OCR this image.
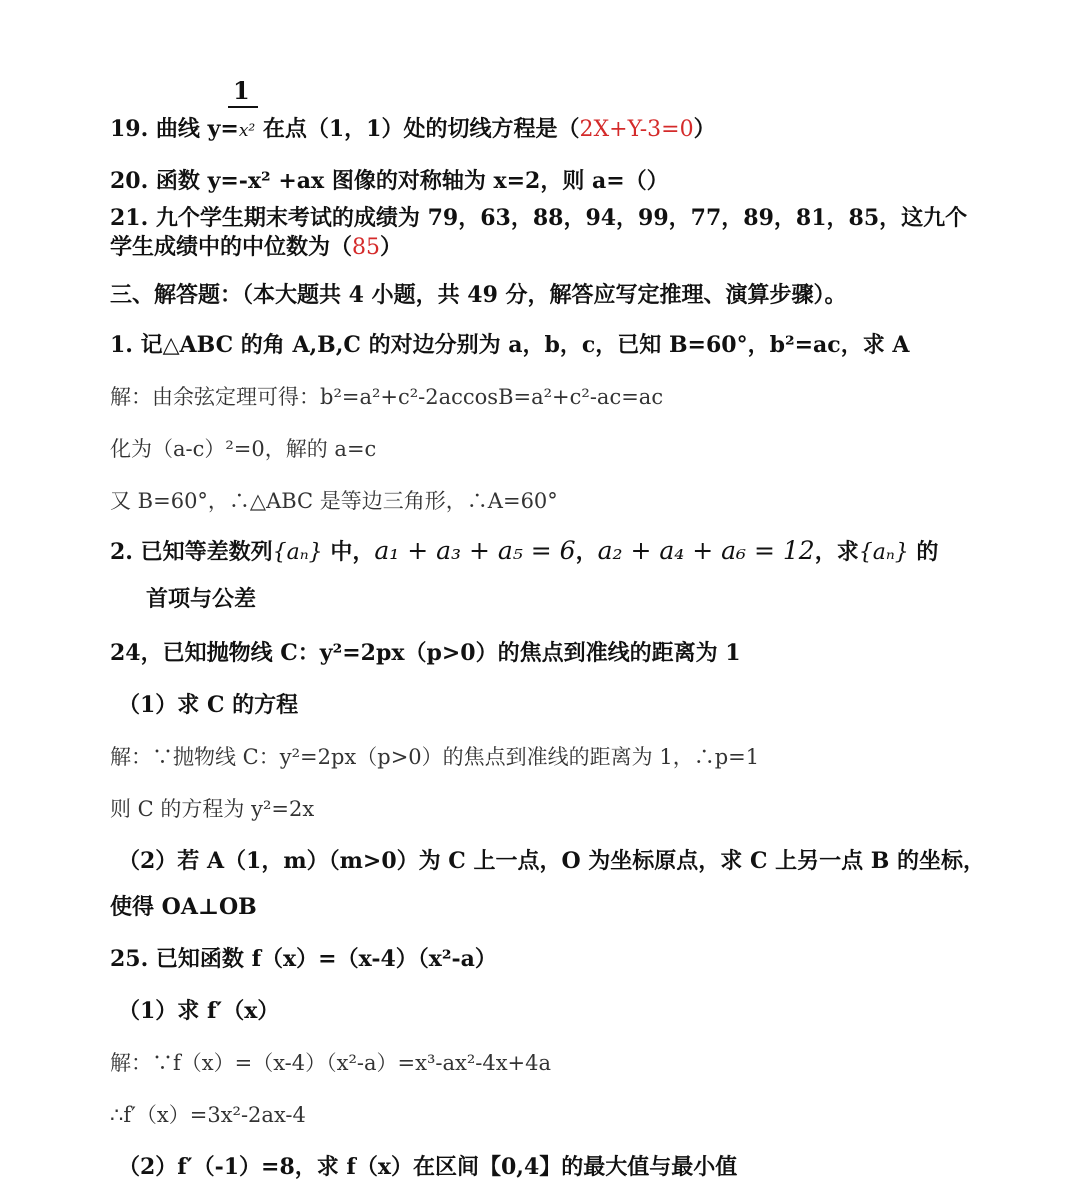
1
19. 曲线 y=x² 在点（1，1）处的切线方程是（2X+Y-3=0）
20. 函数 y=-x² +ax 图像的对称轴为 x=2，则 a=（）
21. 九个学生期末考试的成绩为 79，63，88，94，99，77，89，81，85，这九个
学生成绩中的中位数为（85）
三、解答题：（本大题共 4 小题，共 49 分，解答应写定推理、演算步骤）。
1. 记△ABC 的角 A,B,C 的对边分别为 a，b，c，已知 B=60°，b²=ac，求 A
解：由余弦定理可得：b²=a²+c²-2accosB=a²+c²-ac=ac
化为（a-c）²=0，解的 a=c
又 B=60°，∴△ABC 是等边三角形，∴A=60°
2. 已知等差数列{aₙ} 中，a₁ + a₃ + a₅ = 6，a₂ + a₄ + a₆ = 12，求{aₙ} 的
首项与公差
24，已知抛物线 C：y²=2px（p>0）的焦点到准线的距离为 1
（1）求 C 的方程
解：∵抛物线 C：y²=2px（p>0）的焦点到准线的距离为 1，∴p=1
则 C 的方程为 y²=2x
（2）若 A（1，m）（m>0）为 C 上一点，O 为坐标原点，求 C 上另一点 B 的坐标，
使得 OA⊥OB
25. 已知函数 f（x）=（x-4）（x²-a）
（1）求 f′（x）
解：∵f（x）=（x-4）（x²-a）=x³-ax²-4x+4a
∴f′（x）=3x²-2ax-4
（2）f′（-1）=8，求 f（x）在区间【0,4】的最大值与最小值
